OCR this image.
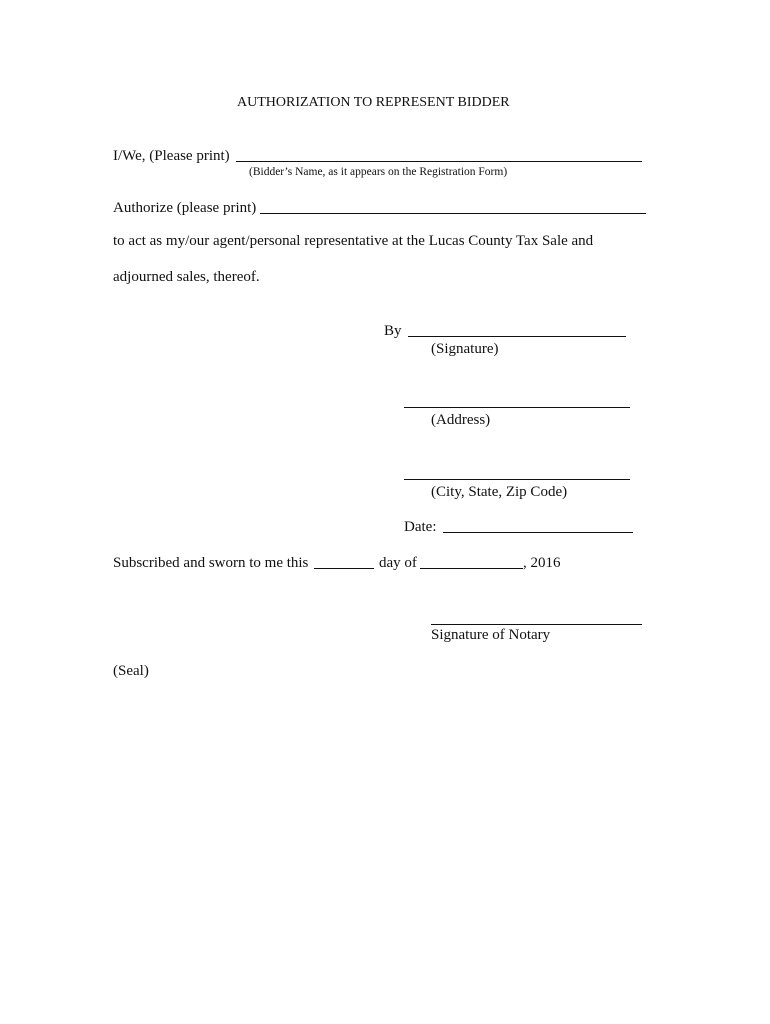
AUTHORIZATION TO REPRESENT BIDDER
I/We, (Please print)
(Bidder’s Name, as it appears on the Registration Form)
Authorize (please print)
to act as my/our agent/personal representative at the Lucas County Tax Sale and
adjourned sales, thereof.
By
(Signature)
(Address)
(City, State, Zip Code)
Date:
Subscribed and sworn to me this	day of	, 2016
Signature of Notary
(Seal)
